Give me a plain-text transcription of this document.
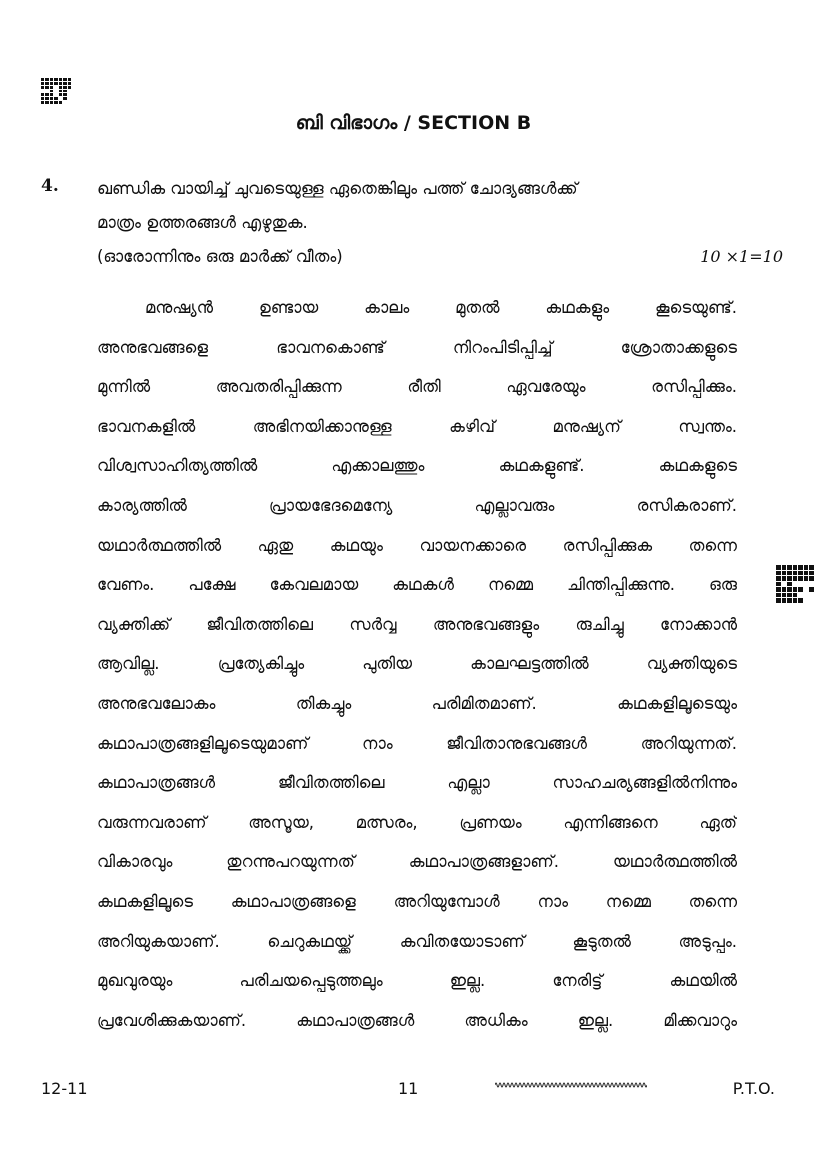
ബി വിഭാഗം / SECTION B
4. ഖണ്ഡിക വായിച്ച് ചുവടെയുള്ള ഏതെങ്കിലും പത്ത് ചോദ്യങ്ങൾക്ക്
മാത്രം ഉത്തരങ്ങൾ എഴുതുക.
(ഓരോന്നിനും ഒരു മാർക്ക് വീതം)	10 ×1=10
മനുഷ്യൻ ഉണ്ടായ കാലം മുതൽ കഥകളും കൂടെയുണ്ട്.
അനുഭവങ്ങളെ ഭാവനകൊണ്ട് നിറംപിടിപ്പിച്ച് ശ്രോതാക്കളുടെ
മുന്നിൽ അവതരിപ്പിക്കുന്ന രീതി ഏവരേയും രസിപ്പിക്കും.
ഭാവനകളിൽ അഭിനയിക്കാനുള്ള കഴിവ് മനുഷ്യന് സ്വന്തം.
വിശ്വസാഹിത്യത്തിൽ എക്കാലത്തും കഥകളുണ്ട്. കഥകളുടെ
കാര്യത്തിൽ പ്രായഭേദമെന്യേ എല്ലാവരും രസികരാണ്.
യഥാർത്ഥത്തിൽ ഏതു കഥയും വായനക്കാരെ രസിപ്പിക്കുക തന്നെ
വേണം. പക്ഷേ കേവലമായ കഥകൾ നമ്മെ ചിന്തിപ്പിക്കുന്നു. ഒരു
വ്യക്തിക്ക് ജീവിതത്തിലെ സർവ്വ അനുഭവങ്ങളും രുചിച്ചു നോക്കാൻ
ആവില്ല. പ്രത്യേകിച്ചും പുതിയ കാലഘട്ടത്തിൽ വ്യക്തിയുടെ
അനുഭവലോകം തികച്ചും പരിമിതമാണ്. കഥകളിലൂടെയും
കഥാപാത്രങ്ങളിലൂടെയുമാണ് നാം ജീവിതാനുഭവങ്ങൾ അറിയുന്നത്.
കഥാപാത്രങ്ങൾ ജീവിതത്തിലെ എല്ലാ സാഹചര്യങ്ങളിൽനിന്നും
വരുന്നവരാണ് അസൂയ, മത്സരം, പ്രണയം എന്നിങ്ങനെ ഏത്
വികാരവും തുറന്നുപറയുന്നത് കഥാപാത്രങ്ങളാണ്. യഥാർത്ഥത്തിൽ
കഥകളിലൂടെ കഥാപാത്രങ്ങളെ അറിയുമ്പോൾ നാം നമ്മെ തന്നെ
അറിയുകയാണ്. ചെറുകഥയ്ക്ക് കവിതയോടാണ് കൂടുതൽ അടുപ്പം.
മുഖവുരയും പരിചയപ്പെടുത്തലും ഇല്ല. നേരിട്ട് കഥയിൽ
പ്രവേശിക്കുകയാണ്. കഥാപാത്രങ്ങൾ അധികം ഇല്ല. മിക്കവാറും
12-11	11	P.T.O.
